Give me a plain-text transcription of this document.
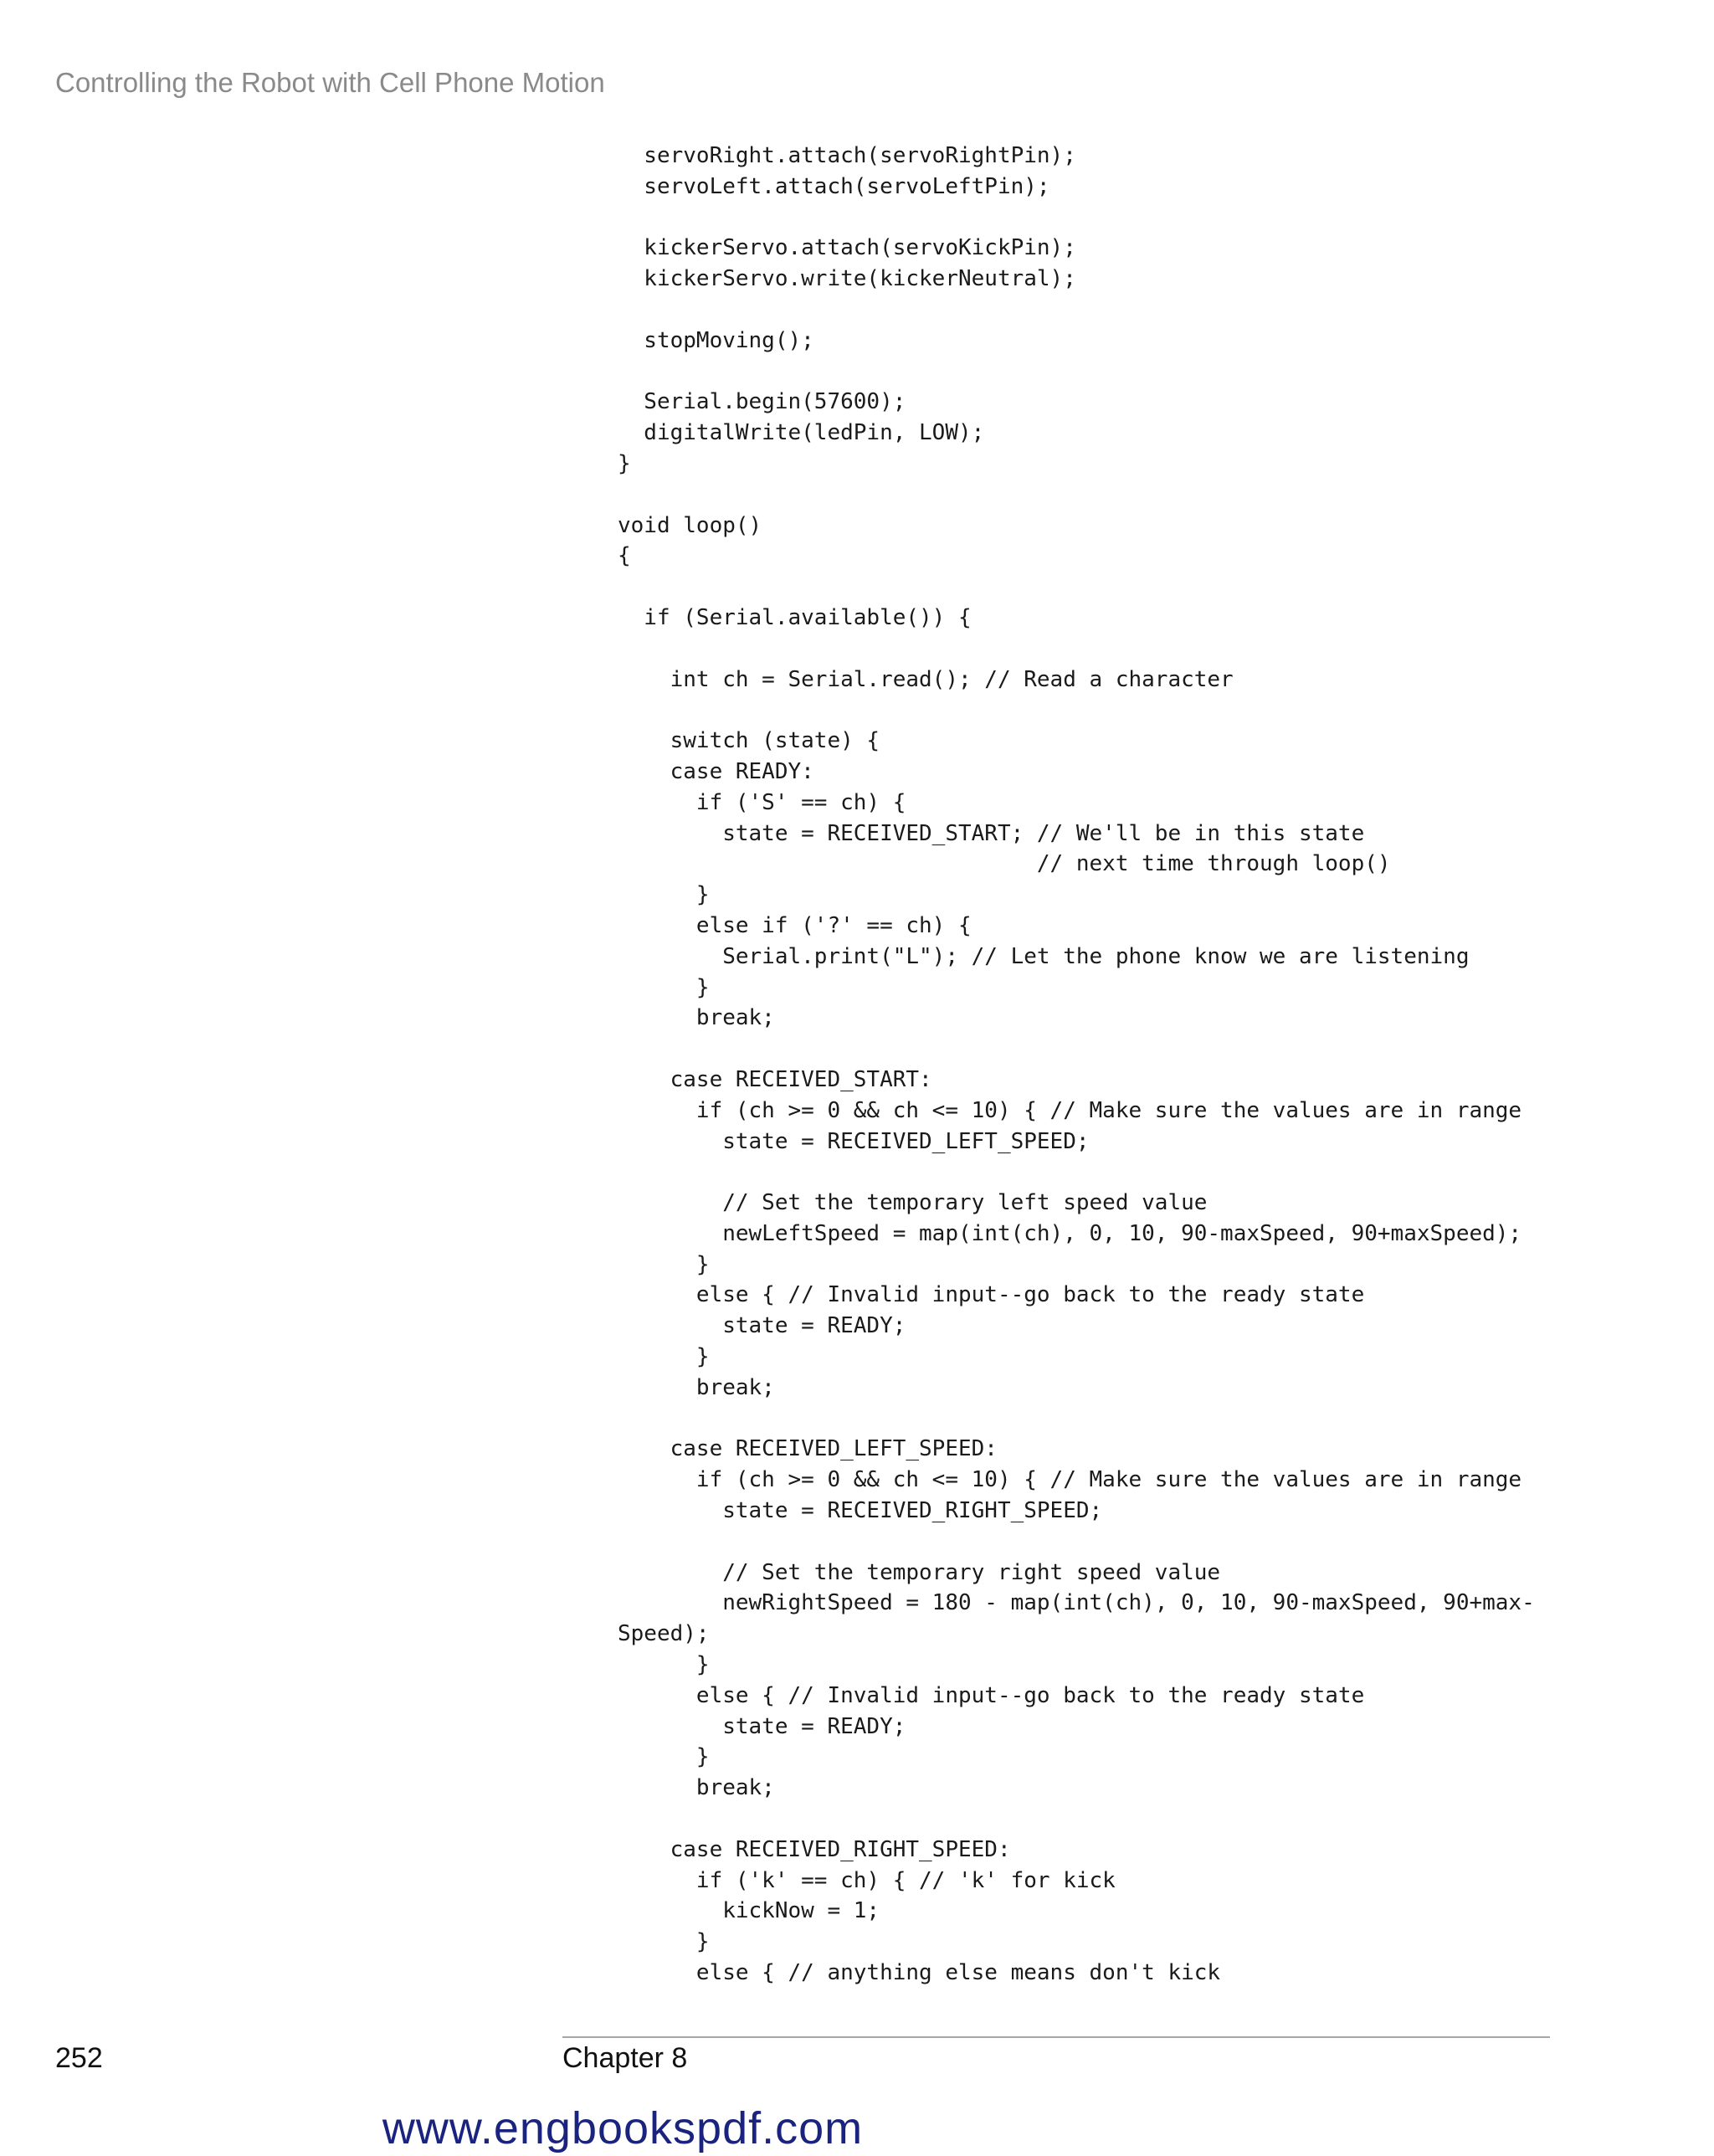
Controlling the Robot with Cell Phone Motion
servoRight.attach(servoRightPin);
servoLeft.attach(servoLeftPin);
kickerServo.attach(servoKickPin);
kickerServo.write(kickerNeutral);
stopMoving();
Serial.begin(57600);
digitalWrite(ledPin, LOW);
}
void loop()
{
if (Serial.available()) {
int ch = Serial.read(); // Read a character
switch (state) {
case READY:
if ('S' == ch) {
state = RECEIVED_START; // We'll be in this state
// next time through loop()
}
else if ('?' == ch) {
Serial.print("L"); // Let the phone know we are listening
}
break;
case RECEIVED_START:
if (ch >= 0 && ch <= 10) { // Make sure the values are in range
state = RECEIVED_LEFT_SPEED;
// Set the temporary left speed value
newLeftSpeed = map(int(ch), 0, 10, 90-maxSpeed, 90+maxSpeed);
}
else { // Invalid input--go back to the ready state
state = READY;
}
break;
case RECEIVED_LEFT_SPEED:
if (ch >= 0 && ch <= 10) { // Make sure the values are in range
state = RECEIVED_RIGHT_SPEED;
// Set the temporary right speed value
newRightSpeed = 180 - map(int(ch), 0, 10, 90-maxSpeed, 90+max-
Speed);
}
else { // Invalid input--go back to the ready state
state = READY;
}
break;
case RECEIVED_RIGHT_SPEED:
if ('k' == ch) { // 'k' for kick
kickNow = 1;
}
else { // anything else means don't kick
252	Chapter 8
www.engbookspdf.com
